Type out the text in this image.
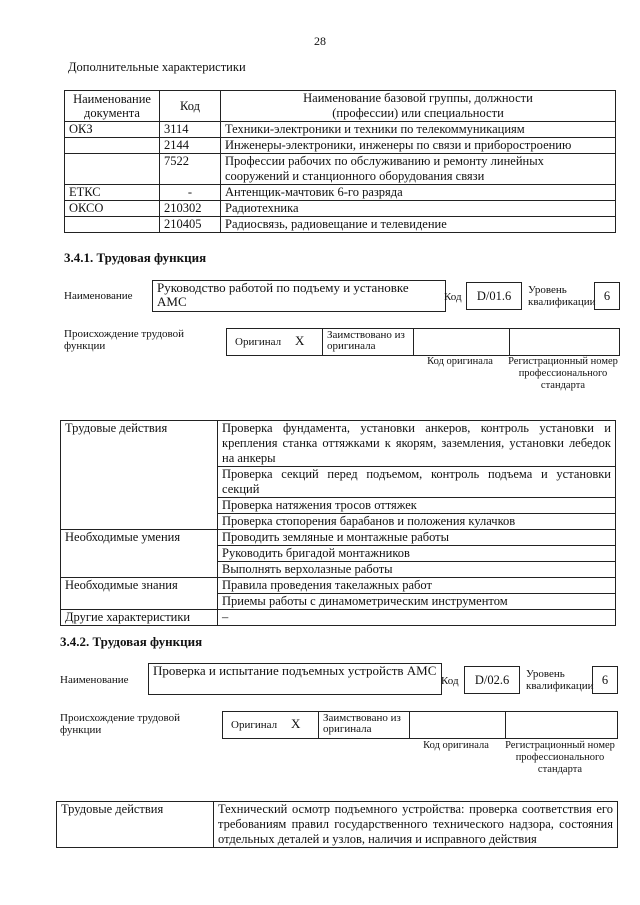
28
Дополнительные характеристики
Наименование документа	Код	Наименование базовой группы, должности (профессии) или специальности
ОКЗ	3114	Техники-электроники и техники по телекоммуникациям
	2144	Инженеры-электроники, инженеры по связи и приборостроению
	7522	Профессии рабочих по обслуживанию и ремонту линейных сооружений и станционного оборудования связи
ЕТКС	-	Антенщик-мачтовик 6-го разряда
ОКСО	210302	Радиотехника
	210405	Радиосвязь, радиовещание и телевидение
3.4.1. Трудовая функция
Наименование
Руководство работой по подъему и установке АМС	Код	D/01.6	Уровень квалификации 6
Происхождение трудовой функции	Оригинал X Заимствовано из оригинала
Код оригинала	Регистрационный номер профессионального стандарта
Трудовые действия	Проверка фундамента, установки анкеров, контроль установки и крепления станка оттяжками к якорям, заземления, установки лебедок на анкеры
	Проверка секций перед подъемом, контроль подъема и установки секций
	Проверка натяжения тросов оттяжек
	Проверка стопорения барабанов и положения кулачков
Необходимые умения	Проводить земляные и монтажные работы
	Руководить бригадой монтажников
	Выполнять верхолазные работы
Необходимые знания	Правила проведения такелажных работ
	Приемы работы с динамометрическим инструментом
Другие характеристики	–
3.4.2. Трудовая функция
Наименование
Проверка и испытание подъемных устройств АМС
Код	D/02.6	Уровень квалификации 6
Происхождение трудовой функции	Оригинал X Заимствовано из оригинала
Код оригинала	Регистрационный номер профессионального стандарта
Трудовые действия	Технический осмотр подъемного устройства: проверка соответствия его требованиям правил государственного технического надзора, состояния отдельных деталей и узлов, наличия и исправного действия
